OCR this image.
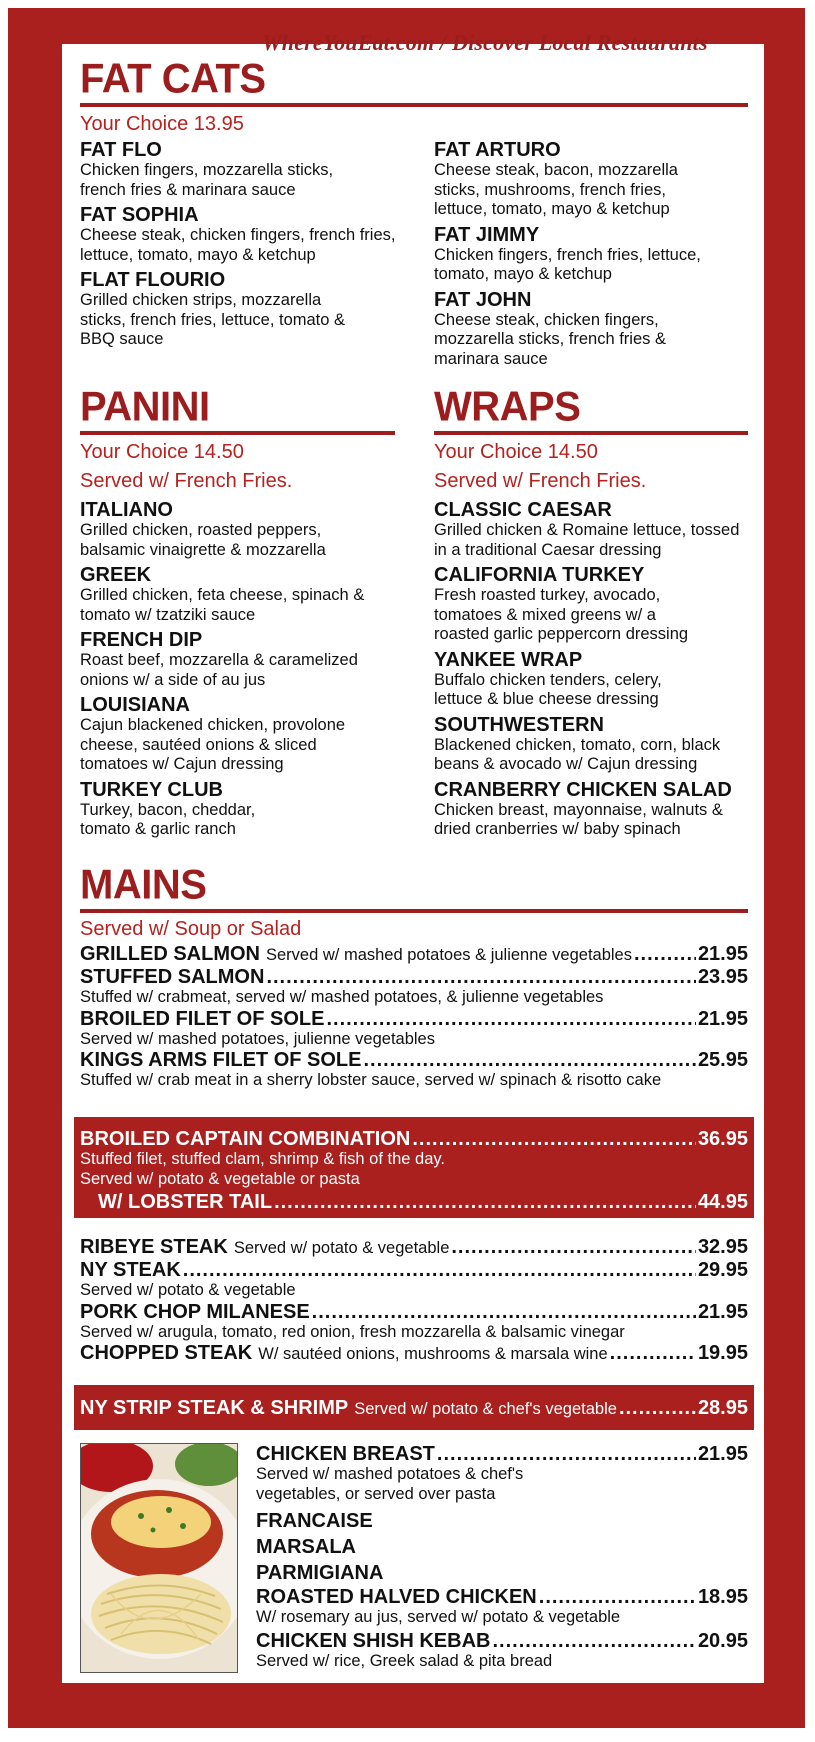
WhereYouEat.com / Discover Local Restaurants
FAT CATS
Your Choice 13.95
FAT FLO
Chicken fingers, mozzarella sticks, french fries & marinara sauce
FAT SOPHIA
Cheese steak, chicken fingers, french fries, lettuce, tomato, mayo & ketchup
FLAT FLOURIO
Grilled chicken strips, mozzarella sticks, french fries, lettuce, tomato & BBQ sauce
FAT ARTURO
Cheese steak, bacon, mozzarella sticks, mushrooms, french fries, lettuce, tomato, mayo & ketchup
FAT JIMMY
Chicken fingers, french fries, lettuce, tomato, mayo & ketchup
FAT JOHN
Cheese steak, chicken fingers, mozzarella sticks, french fries & marinara sauce
PANINI
Your Choice 14.50
Served w/ French Fries.
ITALIANO
Grilled chicken, roasted peppers, balsamic vinaigrette & mozzarella
GREEK
Grilled chicken, feta cheese, spinach & tomato w/ tzatziki sauce
FRENCH DIP
Roast beef, mozzarella & caramelized onions w/ a side of au jus
LOUISIANA
Cajun blackened chicken, provolone cheese, sautéed onions & sliced tomatoes w/ Cajun dressing
TURKEY CLUB
Turkey, bacon, cheddar, tomato & garlic ranch
WRAPS
Your Choice 14.50
Served w/ French Fries.
CLASSIC CAESAR
Grilled chicken & Romaine lettuce, tossed in a traditional Caesar dressing
CALIFORNIA TURKEY
Fresh roasted turkey, avocado, tomatoes & mixed greens w/ a roasted garlic peppercorn dressing
YANKEE WRAP
Buffalo chicken tenders, celery, lettuce & blue cheese dressing
SOUTHWESTERN
Blackened chicken, tomato, corn, black beans & avocado w/ Cajun dressing
CRANBERRY CHICKEN SALAD
Chicken breast, mayonnaise, walnuts & dried cranberries w/ baby spinach
MAINS
Served w/ Soup or Salad
GRILLED SALMON Served w/ mashed potatoes & julienne vegetables .....	21.95
STUFFED SALMON .....	23.95
Stuffed w/ crabmeat, served w/ mashed potatoes, & julienne vegetables
BROILED FILET OF SOLE .....	21.95
Served w/ mashed potatoes, julienne vegetables
KINGS ARMS FILET OF SOLE .....	25.95
Stuffed w/ crab meat in a sherry lobster sauce, served w/ spinach & risotto cake
BROILED CAPTAIN COMBINATION .....	36.95
Stuffed filet, stuffed clam, shrimp & fish of the day.
Served w/ potato & vegetable or pasta
W/ LOBSTER TAIL .....	44.95
RIBEYE STEAK Served w/ potato & vegetable .....	32.95
NY STEAK .....	29.95
Served w/ potato & vegetable
PORK CHOP MILANESE .....	21.95
Served w/ arugula, tomato, red onion, fresh mozzarella & balsamic vinegar
CHOPPED STEAK W/ sautéed onions, mushrooms & marsala wine .....	19.95
NY STRIP STEAK & SHRIMP Served w/ potato & chef's vegetable .....	28.95
CHICKEN BREAST .....	21.95
Served w/ mashed potatoes & chef's vegetables, or served over pasta
FRANCAISE
MARSALA
PARMIGIANA
ROASTED HALVED CHICKEN .....	18.95
W/ rosemary au jus, served w/ potato & vegetable
CHICKEN SHISH KEBAB .....	20.95
Served w/ rice, Greek salad & pita bread
